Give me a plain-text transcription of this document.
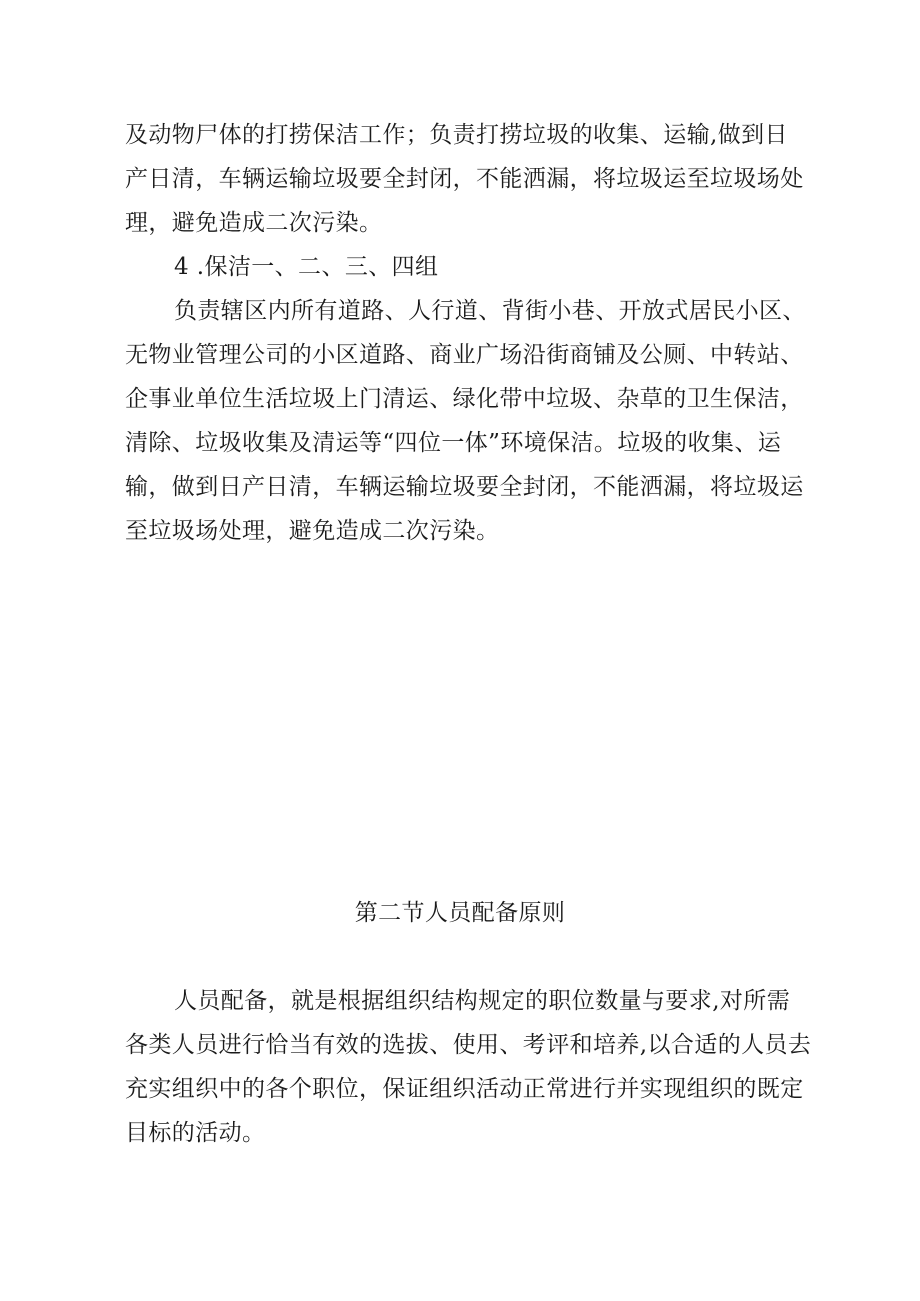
及动物尸体的打捞保洁工作；负责打捞垃圾的收集、运输,做到日
产日清，车辆运输垃圾要全封闭，不能洒漏，将垃圾运至垃圾场处
理，避免造成二次污染。
4 .保洁一、二、三、四组
负责辖区内所有道路、人行道、背街小巷、开放式居民小区、
无物业管理公司的小区道路、商业广场沿街商铺及公厕、中转站、
企事业单位生活垃圾上门清运、绿化带中垃圾、杂草的卫生保洁，
清除、垃圾收集及清运等“四位一体”环境保洁。垃圾的收集、运
输，做到日产日清，车辆运输垃圾要全封闭，不能洒漏，将垃圾运
至垃圾场处理，避免造成二次污染。
第二节人员配备原则
人员配备，就是根据组织结构规定的职位数量与要求,对所需
各类人员进行恰当有效的选拔、使用、考评和培养,以合适的人员去
充实组织中的各个职位，保证组织活动正常进行并实现组织的既定
目标的活动。
